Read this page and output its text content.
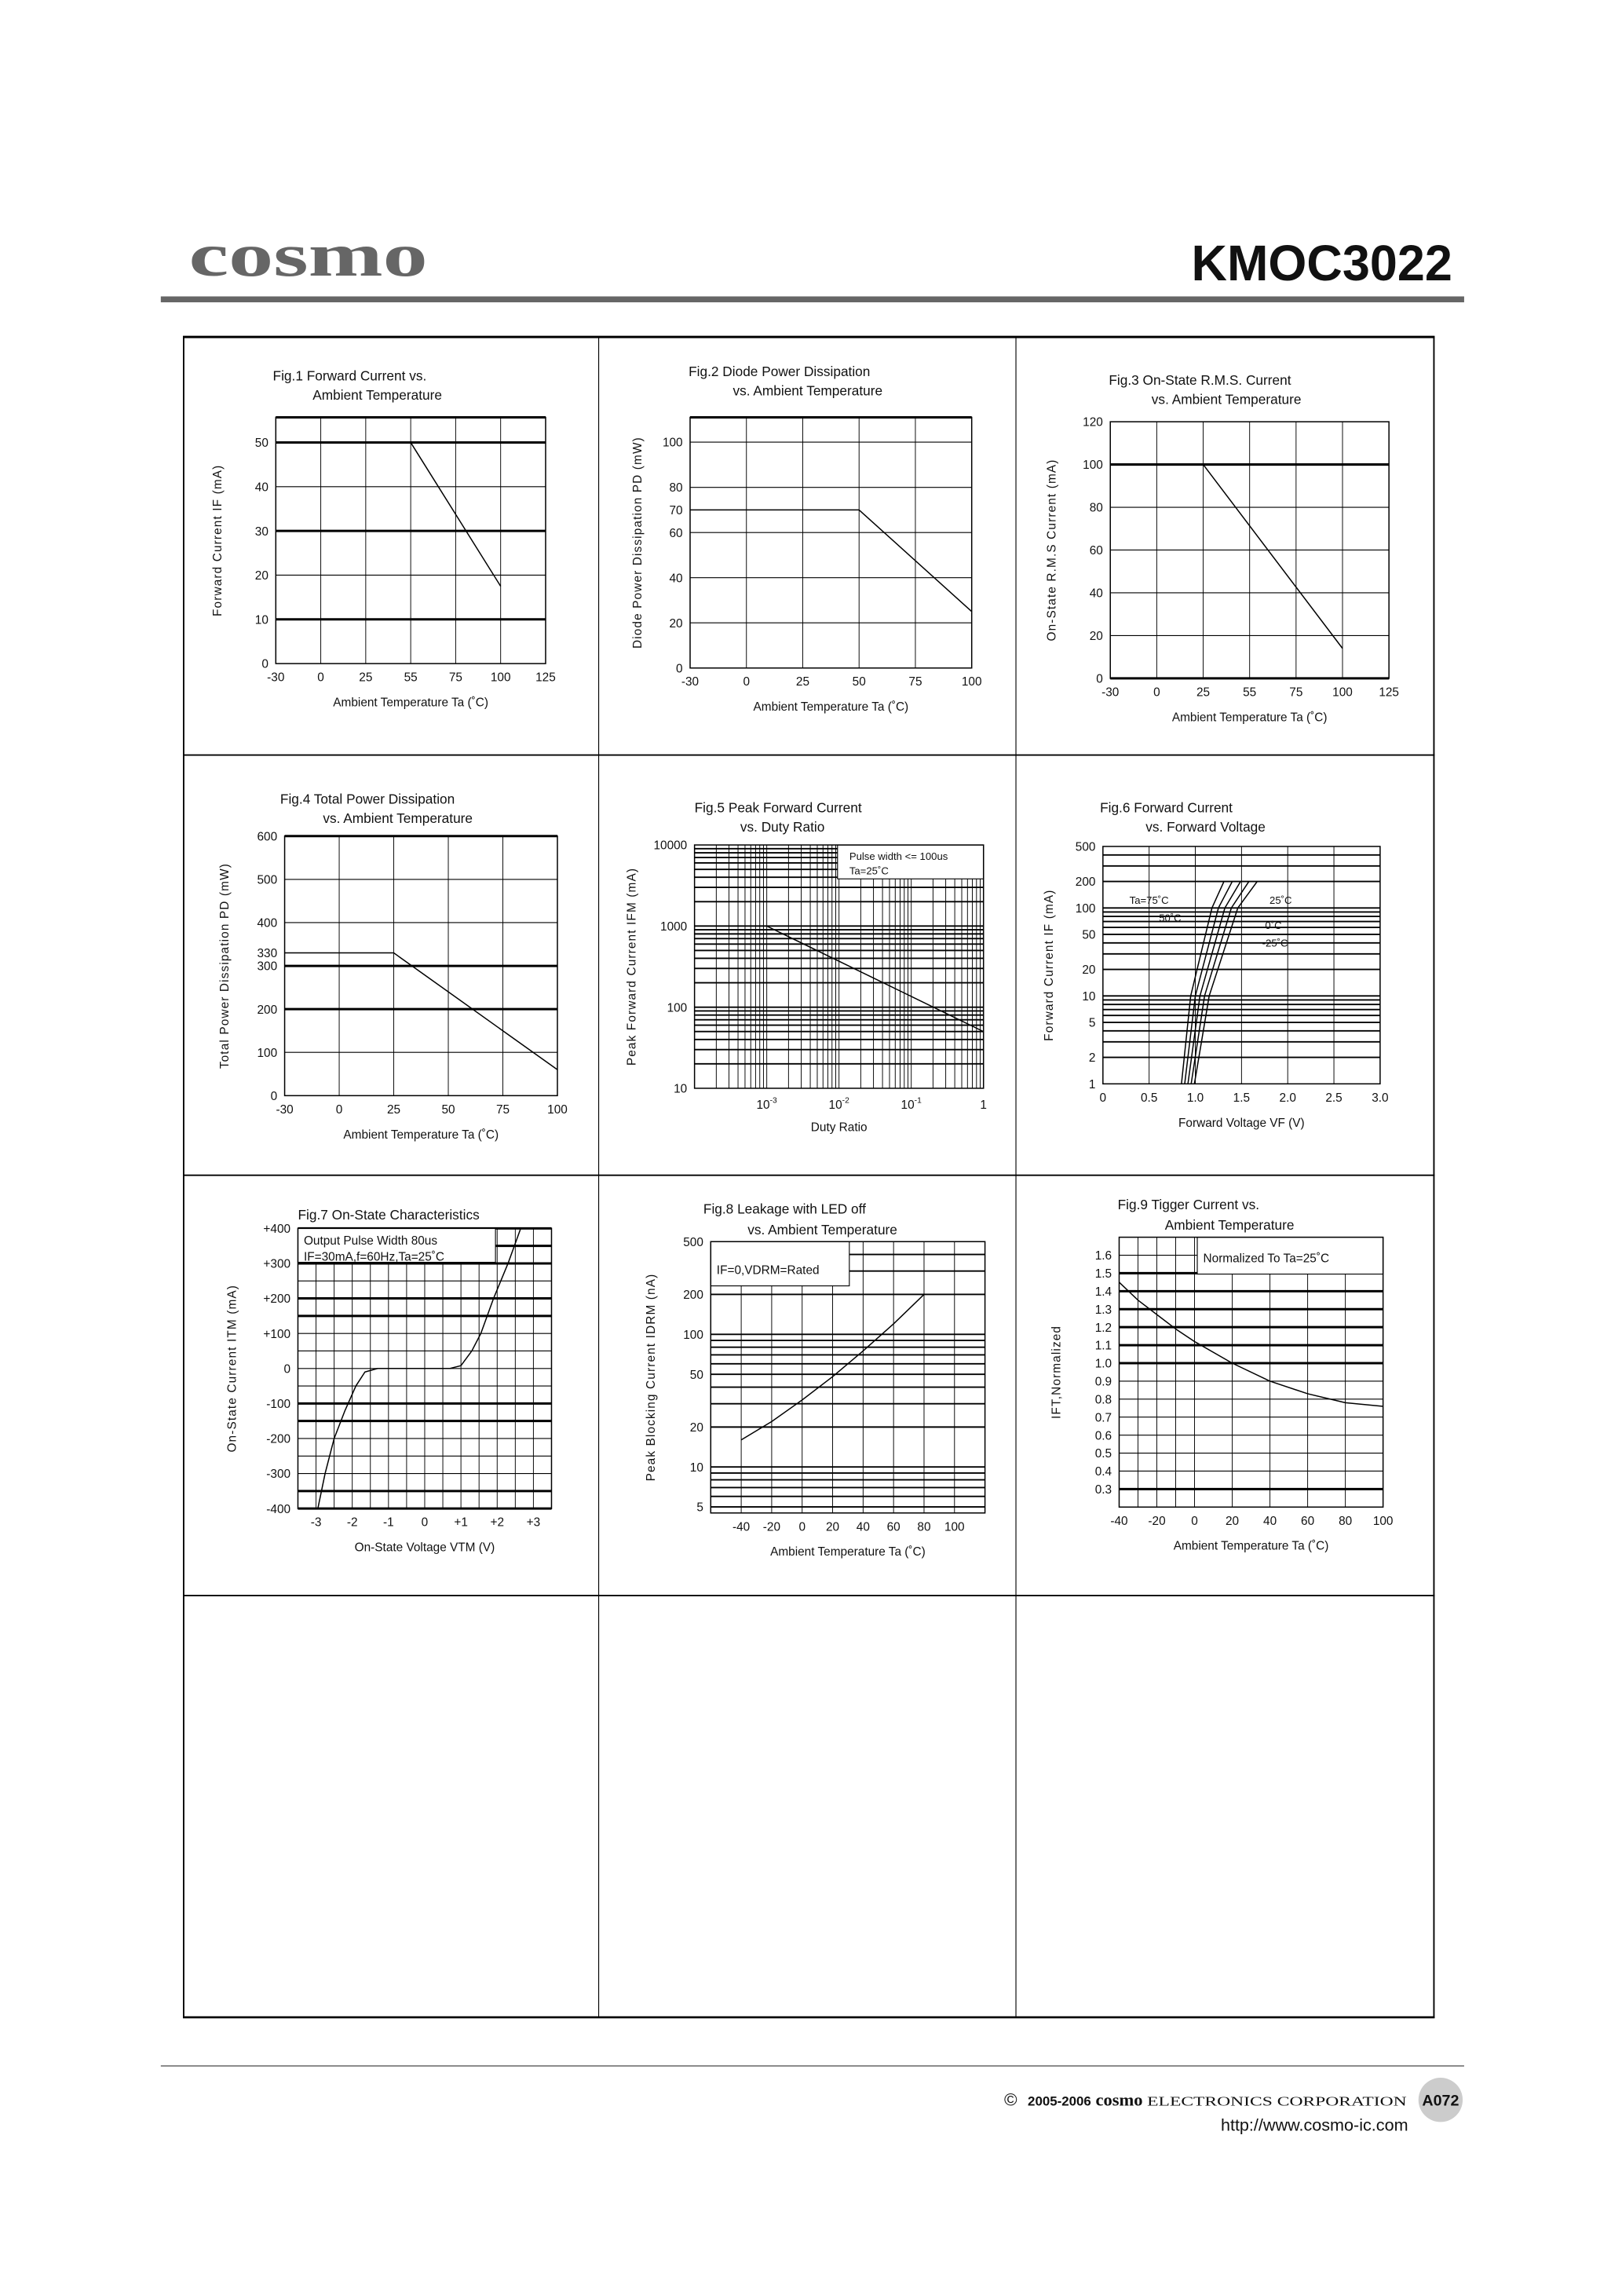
cosmo	KMOC3022
Fig.1 Forward Current vs.
Ambient Temperature
-30	0	25	55	75	100	125
0
10
20
30
40
50
Ambient Temperature Ta (˚C)
Forward Current IF (mA)
Fig.2 Diode Power Dissipation
vs. Ambient Temperature
-30	0	25	50	75	100
0
20
40
60
70
80
100
Ambient Temperature Ta (˚C)
Diode Power Dissipation PD (mW)
Fig.3 On-State R.M.S. Current
vs. Ambient Temperature
-30	0	25	55	75	100	125
0
20
40
60
80
100
120
Ambient Temperature Ta (˚C)
On-State R.M.S Current (mA)
Fig.4 Total Power Dissipation
vs. Ambient Temperature
-30	0	25	50	75	100
0
100
200
300
330
400
500
600
Ambient Temperature Ta (˚C)
Total Power Dissipation PD (mW)
Fig.5 Peak Forward Current
vs. Duty Ratio
Pulse width <= 100us
Ta=25˚C
$10^{-3}$	$10^{-2}$	$10^{-1}$	1
10
100
1000
10000
Duty Ratio
Peak Forward Current IFM (mA)
Fig.6 Forward Current
vs. Forward Voltage
Ta=75˚C
50˚C
25˚C
0˚C
-25˚C
0	0.5	1.0	1.5	2.0	2.5	3.0
1
2
5
10
20
50
100
200
500
Forward Voltage VF (V)
Forward Current IF (mA)
Fig.7 On-State Characteristics
Output Pulse Width 80us
IF=30mA,f=60Hz,Ta=25˚C
-3	-2	-1	0	+1	+2	+3
-400
-300
-200
-100
0
+100
+200
+300
+400
On-State Voltage VTM (V)
On-State Current ITM (mA)
Fig.8 Leakage with LED off
vs. Ambient Temperature
IF=0,VDRM=Rated
-40 -20	0	20	40	60	80 100
5
10
20
50
100
200
500
Ambient Temperature Ta (˚C)
Peak Blocking Current IDRM (nA)
Fig.9 Tigger Current vs.
Ambient Temperature
Normalized To Ta=25˚C
-40	-20	0	20	40	60	80	100
0.3
0.4
0.5
0.6
0.7
0.8
0.9
1.0
1.1
1.2
1.3
1.4
1.5
1.6
Ambient Temperature Ta (˚C)
IFT,Normalized
© 2005-2006 cosmo ELECTRONICS CORPORATION A072
http://www.cosmo-ic.com
